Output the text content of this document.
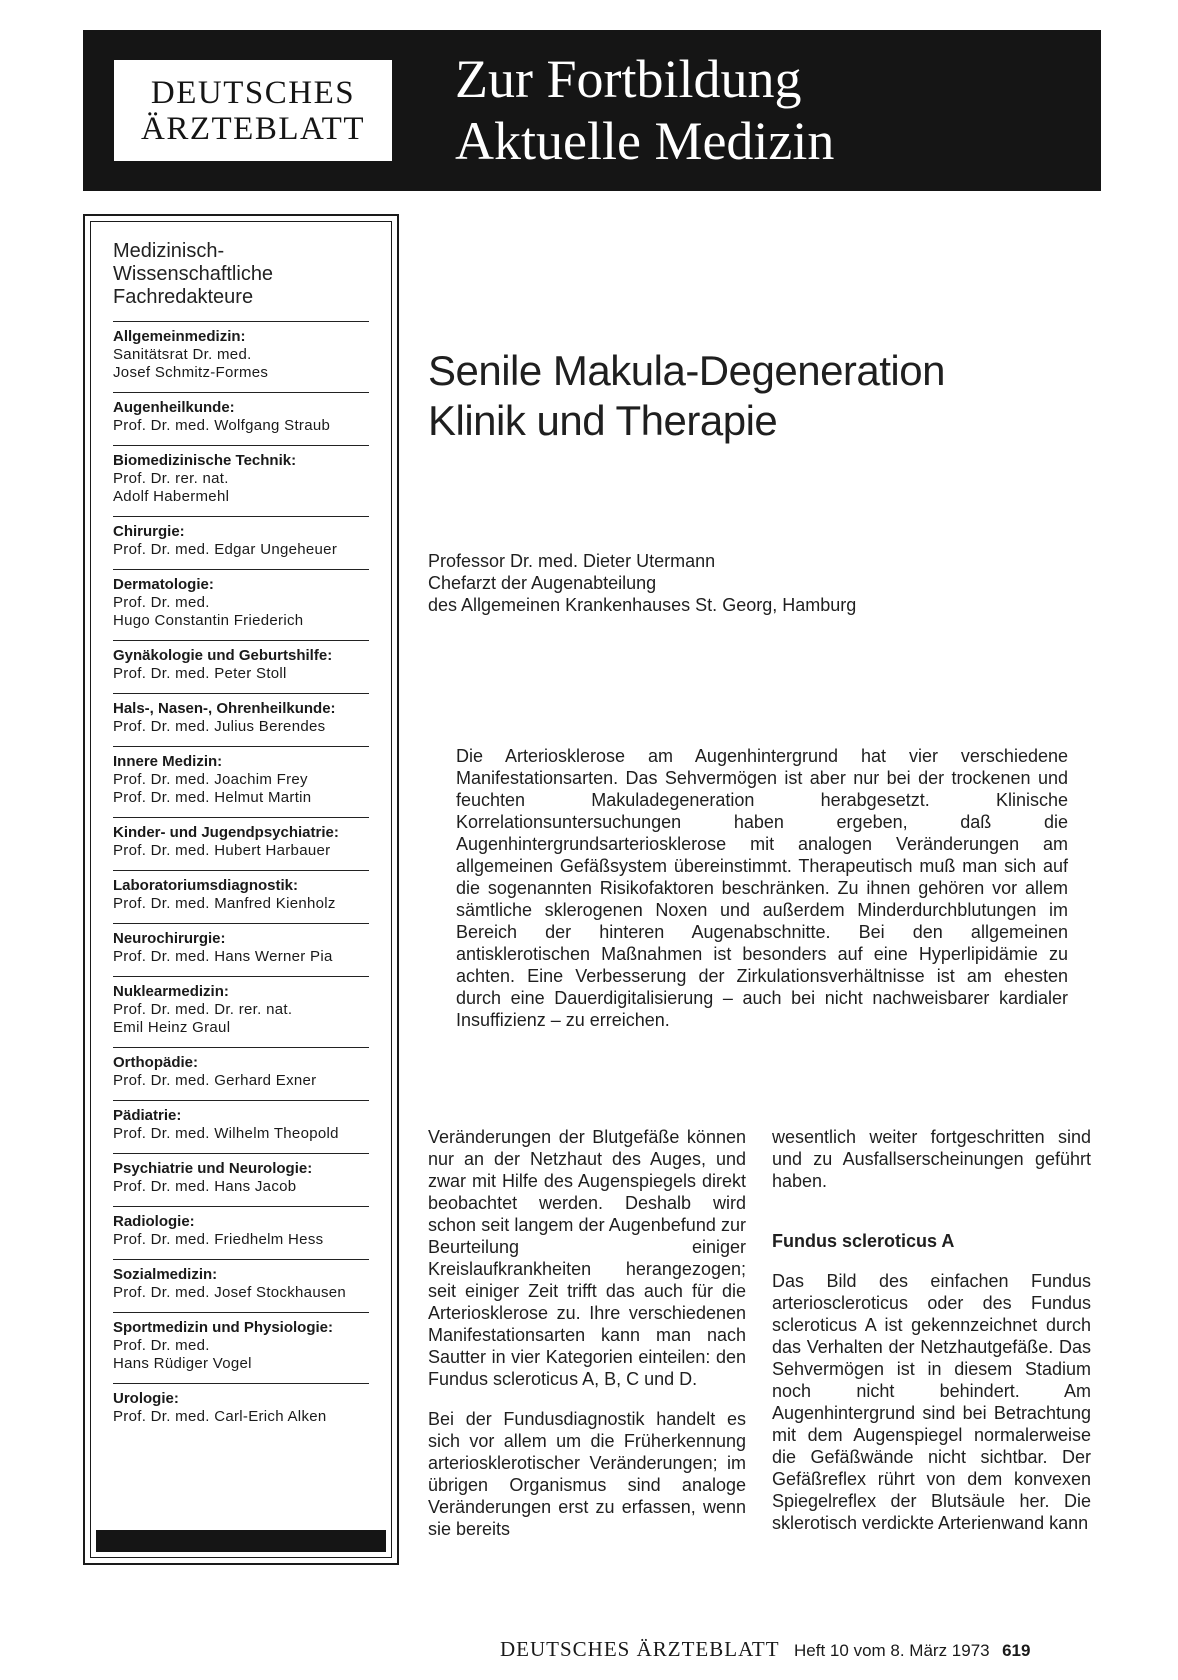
DEUTSCHES
ÄRZTEBLATT
Zur Fortbildung
Aktuelle Medizin
Medizinisch-
Wissenschaftliche
Fachredakteure
Allgemeinmedizin:
Sanitätsrat Dr. med.
Josef Schmitz-Formes
Augenheilkunde:
Prof. Dr. med. Wolfgang Straub
Biomedizinische Technik:
Prof. Dr. rer. nat.
Adolf Habermehl
Chirurgie:
Prof. Dr. med. Edgar Ungeheuer
Dermatologie:
Prof. Dr. med.
Hugo Constantin Friederich
Gynäkologie und Geburtshilfe:
Prof. Dr. med. Peter Stoll
Hals-, Nasen-, Ohrenheilkunde:
Prof. Dr. med. Julius Berendes
Innere Medizin:
Prof. Dr. med. Joachim Frey
Prof. Dr. med. Helmut Martin
Kinder- und Jugendpsychiatrie:
Prof. Dr. med. Hubert Harbauer
Laboratoriumsdiagnostik:
Prof. Dr. med. Manfred Kienholz
Neurochirurgie:
Prof. Dr. med. Hans Werner Pia
Nuklearmedizin:
Prof. Dr. med. Dr. rer. nat.
Emil Heinz Graul
Orthopädie:
Prof. Dr. med. Gerhard Exner
Pädiatrie:
Prof. Dr. med. Wilhelm Theopold
Psychiatrie und Neurologie:
Prof. Dr. med. Hans Jacob
Radiologie:
Prof. Dr. med. Friedhelm Hess
Sozialmedizin:
Prof. Dr. med. Josef Stockhausen
Sportmedizin und Physiologie:
Prof. Dr. med.
Hans Rüdiger Vogel
Urologie:
Prof. Dr. med. Carl-Erich Alken
Senile Makula-Degeneration
Klinik und Therapie
Professor Dr. med. Dieter Utermann
Chefarzt der Augenabteilung
des Allgemeinen Krankenhauses St. Georg, Hamburg
Die Arteriosklerose am Augenhintergrund hat vier verschiedene Manifestationsarten. Das Sehvermögen ist aber nur bei der trockenen und feuchten Makuladegeneration herabgesetzt. Klinische Korrelationsuntersuchungen haben ergeben, daß die Augenhintergrundsarteriosklerose mit analogen Veränderungen am allgemeinen Gefäßsystem übereinstimmt. Therapeutisch muß man sich auf die sogenannten Risikofaktoren beschränken. Zu ihnen gehören vor allem sämtliche sklerogenen Noxen und außerdem Minderdurchblutungen im Bereich der hinteren Augenabschnitte. Bei den allgemeinen antisklerotischen Maßnahmen ist besonders auf eine Hyperlipidämie zu achten. Eine Verbesserung der Zirkulationsverhältnisse ist am ehesten durch eine Dauerdigitalisierung – auch bei nicht nachweisbarer kardialer Insuffizienz – zu erreichen.

Veränderungen der Blutgefäße können nur an der Netzhaut des Auges, und zwar mit Hilfe des Augenspiegels direkt beobachtet werden. Deshalb wird schon seit langem der Augenbefund zur Beurteilung einiger Kreislaufkrankheiten herangezogen; seit einiger Zeit trifft das auch für die Arteriosklerose zu. Ihre verschiedenen Manifestationsarten kann man nach Sautter in vier Kategorien einteilen: den Fundus scleroticus A, B, C und D.

Bei der Fundusdiagnostik handelt es sich vor allem um die Früherkennung arteriosklerotischer Veränderungen; im übrigen Organismus sind analoge Veränderungen erst zu erfassen, wenn sie bereits

wesentlich weiter fortgeschritten sind und zu Ausfallserscheinungen geführt haben.

Fundus scleroticus A

Das Bild des einfachen Fundus arterioscleroticus oder des Fundus scleroticus A ist gekennzeichnet durch das Verhalten der Netzhautgefäße. Das Sehvermögen ist in diesem Stadium noch nicht behindert. Am Augenhintergrund sind bei Betrachtung mit dem Augenspiegel normalerweise die Gefäßwände nicht sichtbar. Der Gefäßreflex rührt von dem konvexen Spiegelreflex der Blutsäule her. Die sklerotisch verdickte Arterienwand kann

DEUTSCHES ÄRZTEBLATT Heft 10 vom 8. März 1973 619
